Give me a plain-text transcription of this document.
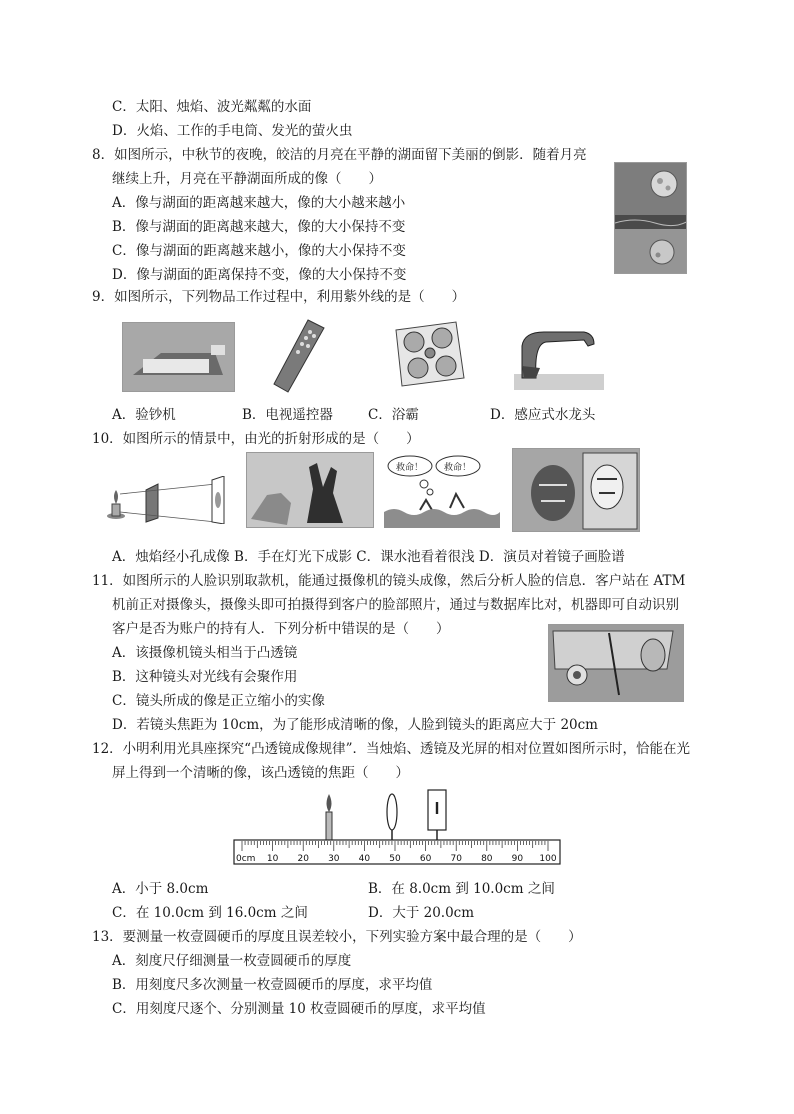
C．太阳、烛焰、波光粼粼的水面
D．火焰、工作的手电筒、发光的萤火虫
8．如图所示，中秋节的夜晚，皎洁的月亮在平静的湖面留下美丽的倒影．随着月亮
继续上升，月亮在平静湖面所成的像（　　）
A．像与湖面的距离越来越大，像的大小越来越小
B．像与湖面的距离越来越大，像的大小保持不变
C．像与湖面的距离越来越小，像的大小保持不变
D．像与湖面的距离保持不变，像的大小保持不变
9．如图所示，下列物品工作过程中，利用紫外线的是（　　）
A．验钞机	B．电视遥控器	C．浴霸	D．感应式水龙头
10．如图所示的情景中，由光的折射形成的是（　　）
救命！ 救命！
A．烛焰经小孔成像 B．手在灯光下成影 C．课水池看着很浅 D．演员对着镜子画脸谱
11．如图所示的人脸识别取款机，能通过摄像机的镜头成像，然后分析人脸的信息．客户站在 ATM
机前正对摄像头，摄像头即可拍摄得到客户的脸部照片，通过与数据库比对，机器即可自动识别
客户是否为账户的持有人．下列分析中错误的是（　　）
A．该摄像机镜头相当于凸透镜
B．这种镜头对光线有会聚作用
C．镜头所成的像是正立缩小的实像
D．若镜头焦距为 10cm，为了能形成清晰的像，人脸到镜头的距离应大于 20cm
12．小明利用光具座探究“凸透镜成像规律”．当烛焰、透镜及光屏的相对位置如图所示时，恰能在光
屏上得到一个清晰的像，该凸透镜的焦距（　　）
0cm 10 20 30 40 50 60 70 80 90 100
A．小于 8.0cm	B．在 8.0cm 到 10.0cm 之间
C．在 10.0cm 到 16.0cm 之间	D．大于 20.0cm
13．要测量一枚壹圆硬币的厚度且误差较小，下列实验方案中最合理的是（　　）
A．刻度尺仔细测量一枚壹圆硬币的厚度
B．用刻度尺多次测量一枚壹圆硬币的厚度，求平均值
C．用刻度尺逐个、分别测量 10 枚壹圆硬币的厚度，求平均值
